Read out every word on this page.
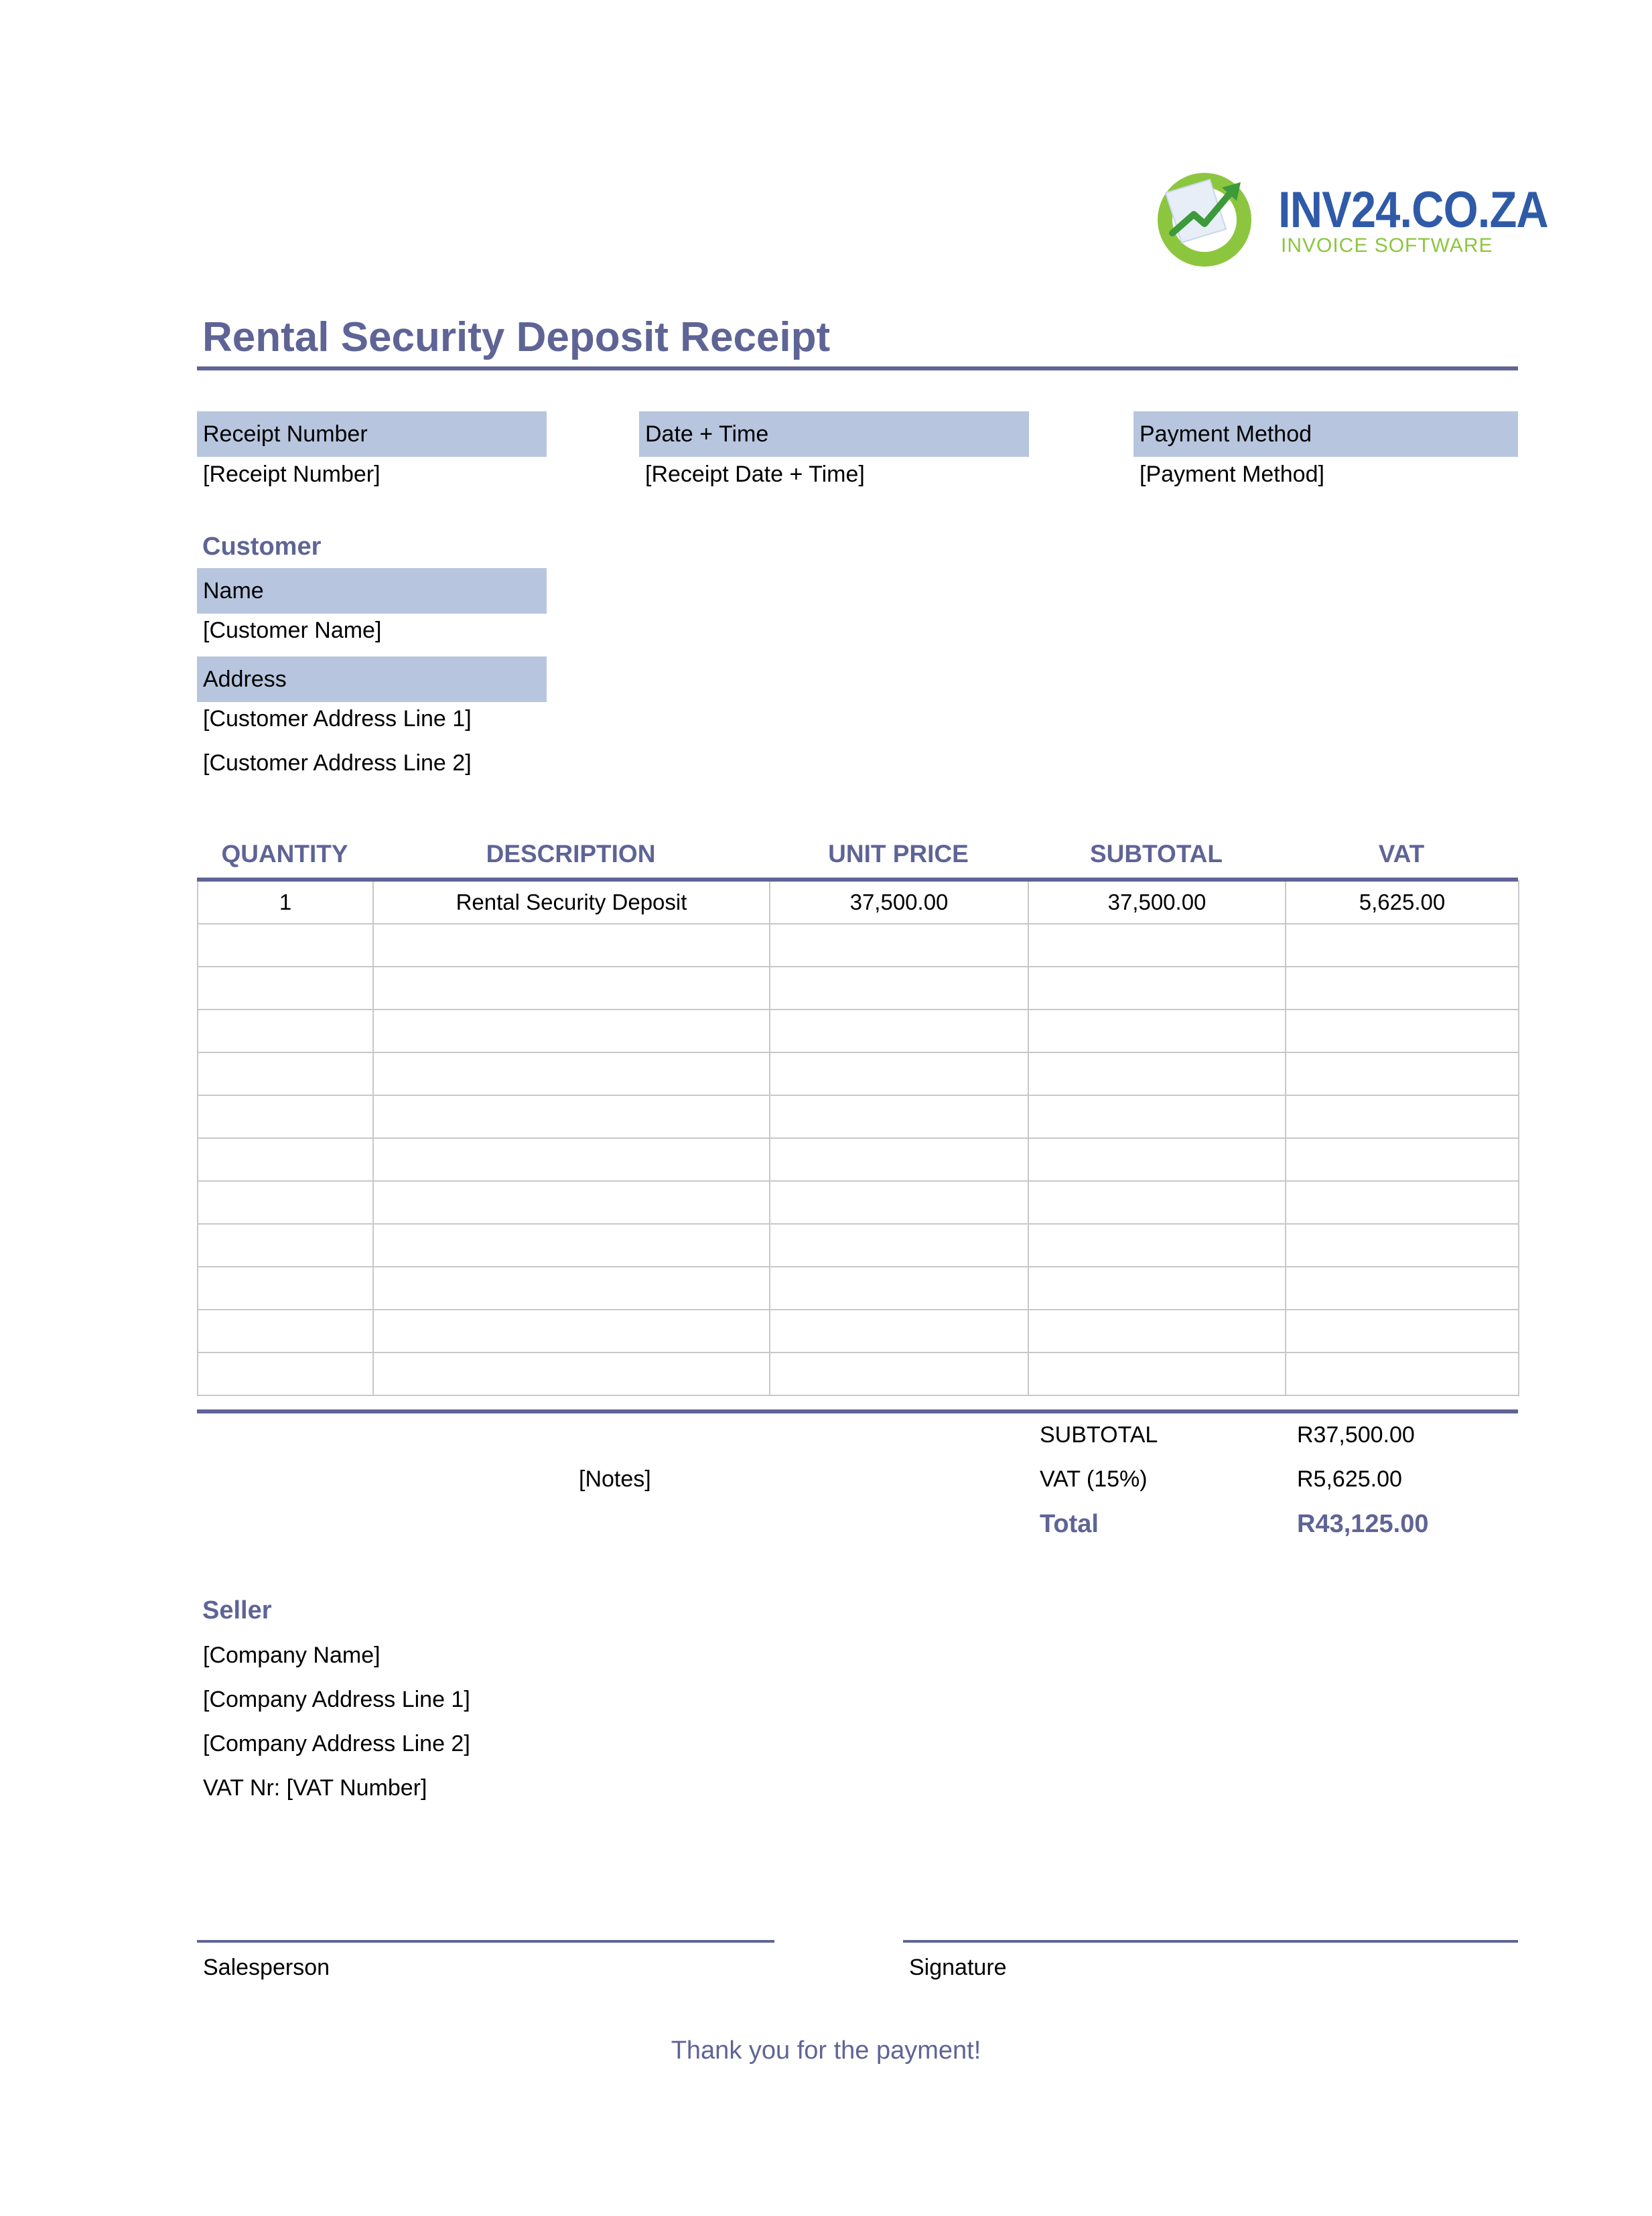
INV24.CO.ZA
INVOICE SOFTWARE
Rental Security Deposit Receipt
Receipt Number
[Receipt Number]
Date + Time
[Receipt Date + Time]
Payment Method
[Payment Method]
Customer
Name
[Customer Name]
Address
[Customer Address Line 1]
[Customer Address Line 2]
QUANTITY	DESCRIPTION	UNIT PRICE	SUBTOTAL	VAT
1	Rental Security Deposit	37,500.00	37,500.00	5,625.00

[Notes]
SUBTOTAL	R37,500.00
VAT (15%)	R5,625.00
Total	R43,125.00
Seller
[Company Name]
[Company Address Line 1]
[Company Address Line 2]
VAT Nr: [VAT Number]
Salesperson	Signature
Thank you for the payment!
